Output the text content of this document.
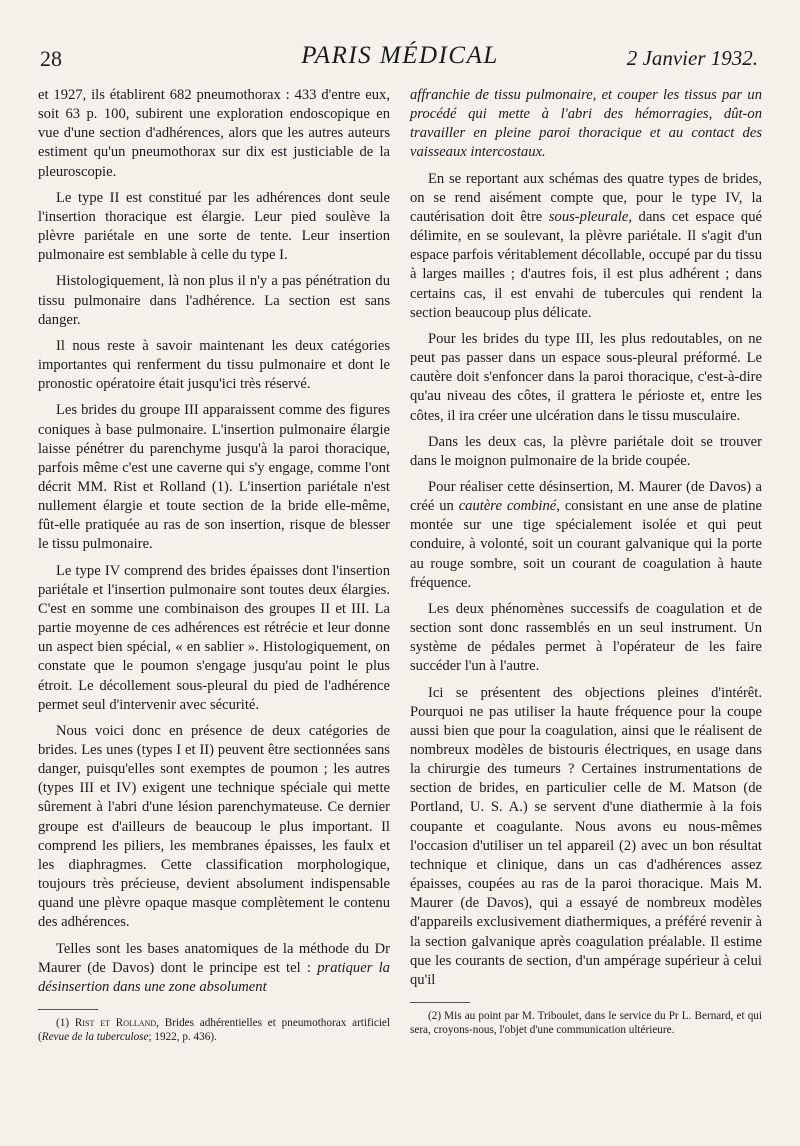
28	PARIS MÉDICAL	2 Janvier 1932.

et 1927, ils établirent 682 pneumothorax : 433 d'entre eux, soit 63 p. 100, subirent une exploration endoscopique en vue d'une section d'adhérences, alors que les autres auteurs estiment qu'un pneumothorax sur dix est justiciable de la pleuroscopie.

Le type II est constitué par les adhérences dont seule l'insertion thoracique est élargie. Leur pied soulève la plèvre pariétale en une sorte de tente. Leur insertion pulmonaire est semblable à celle du type I.

Histologiquement, là non plus il n'y a pas pénétration du tissu pulmonaire dans l'adhérence. La section est sans danger.

Il nous reste à savoir maintenant les deux catégories importantes qui renferment du tissu pulmonaire et dont le pronostic opératoire était jusqu'ici très réservé.

Les brides du groupe III apparaissent comme des figures coniques à base pulmonaire. L'insertion pulmonaire élargie laisse pénétrer du parenchyme jusqu'à la paroi thoracique, parfois même c'est une caverne qui s'y engage, comme l'ont décrit MM. Rist et Rolland (1). L'insertion pariétale n'est nullement élargie et toute section de la bride elle-même, fût-elle pratiquée au ras de son insertion, risque de blesser le tissu pulmonaire.

Le type IV comprend des brides épaisses dont l'insertion pariétale et l'insertion pulmonaire sont toutes deux élargies. C'est en somme une combinaison des groupes II et III. La partie moyenne de ces adhérences est rétrécie et leur donne un aspect bien spécial, « en sablier ». Histologiquement, on constate que le poumon s'engage jusqu'au point le plus étroit. Le décollement sous-pleural du pied de l'adhérence permet seul d'intervenir avec sécurité.

Nous voici donc en présence de deux catégories de brides. Les unes (types I et II) peuvent être sectionnées sans danger, puisqu'elles sont exemptes de poumon ; les autres (types III et IV) exigent une technique spéciale qui mette sûrement à l'abri d'une lésion parenchymateuse. Ce dernier groupe est d'ailleurs de beaucoup le plus important. Il comprend les piliers, les membranes épaisses, les faulx et les diaphragmes. Cette classification morphologique, toujours très précieuse, devient absolument indispensable quand une plèvre opaque masque complètement le contenu des adhérences.

Telles sont les bases anatomiques de la méthode du Dr Maurer (de Davos) dont le principe est tel : pratiquer la désinsertion dans une zone absolument

(1) Rist et Rolland, Brides adhérentielles et pneumothorax artificiel (Revue de la tuberculose; 1922, p. 436).

affranchie de tissu pulmonaire, et couper les tissus par un procédé qui mette à l'abri des hémorragies, dût-on travailler en pleine paroi thoracique et au contact des vaisseaux intercostaux.

En se reportant aux schémas des quatre types de brides, on se rend aisément compte que, pour le type IV, la cautérisation doit être sous-pleurale, dans cet espace qué délimite, en se soulevant, la plèvre pariétale. Il s'agit d'un espace parfois véritablement décollable, occupé par du tissu à larges mailles ; d'autres fois, il est plus adhérent ; dans certains cas, il est envahi de tubercules qui rendent la section beaucoup plus délicate.

Pour les brides du type III, les plus redoutables, on ne peut pas passer dans un espace sous-pleural préformé. Le cautère doit s'enfoncer dans la paroi thoracique, c'est-à-dire qu'au niveau des côtes, il grattera le périoste et, entre les côtes, il ira créer une ulcération dans le tissu musculaire.

Dans les deux cas, la plèvre pariétale doit se trouver dans le moignon pulmonaire de la bride coupée.

Pour réaliser cette désinsertion, M. Maurer (de Davos) a créé un cautère combiné, consistant en une anse de platine montée sur une tige spécialement isolée et qui peut conduire, à volonté, soit un courant galvanique qui la porte au rouge sombre, soit un courant de coagulation à haute fréquence.

Les deux phénomènes successifs de coagulation et de section sont donc rassemblés en un seul instrument. Un système de pédales permet à l'opérateur de les faire succéder l'un à l'autre.

Ici se présentent des objections pleines d'intérêt. Pourquoi ne pas utiliser la haute fréquence pour la coupe aussi bien que pour la coagulation, ainsi que le réalisent de nombreux modèles de bistouris électriques, en usage dans la chirurgie des tumeurs ? Certaines instrumentations de section de brides, en particulier celle de M. Matson (de Portland, U. S. A.) se servent d'une diathermie à la fois coupante et coagulante. Nous avons eu nous-mêmes l'occasion d'utiliser un tel appareil (2) avec un bon résultat technique et clinique, dans un cas d'adhérences assez épaisses, coupées au ras de la paroi thoracique. Mais M. Maurer (de Davos), qui a essayé de nombreux modèles d'appareils exclusivement diathermiques, a préféré revenir à la section galvanique après coagulation préalable. Il estime que les courants de section, d'un ampérage supérieur à celui qu'il

(2) Mis au point par M. Triboulet, dans le service du Pr L. Bernard, et qui sera, croyons-nous, l'objet d'une communication ultérieure.
